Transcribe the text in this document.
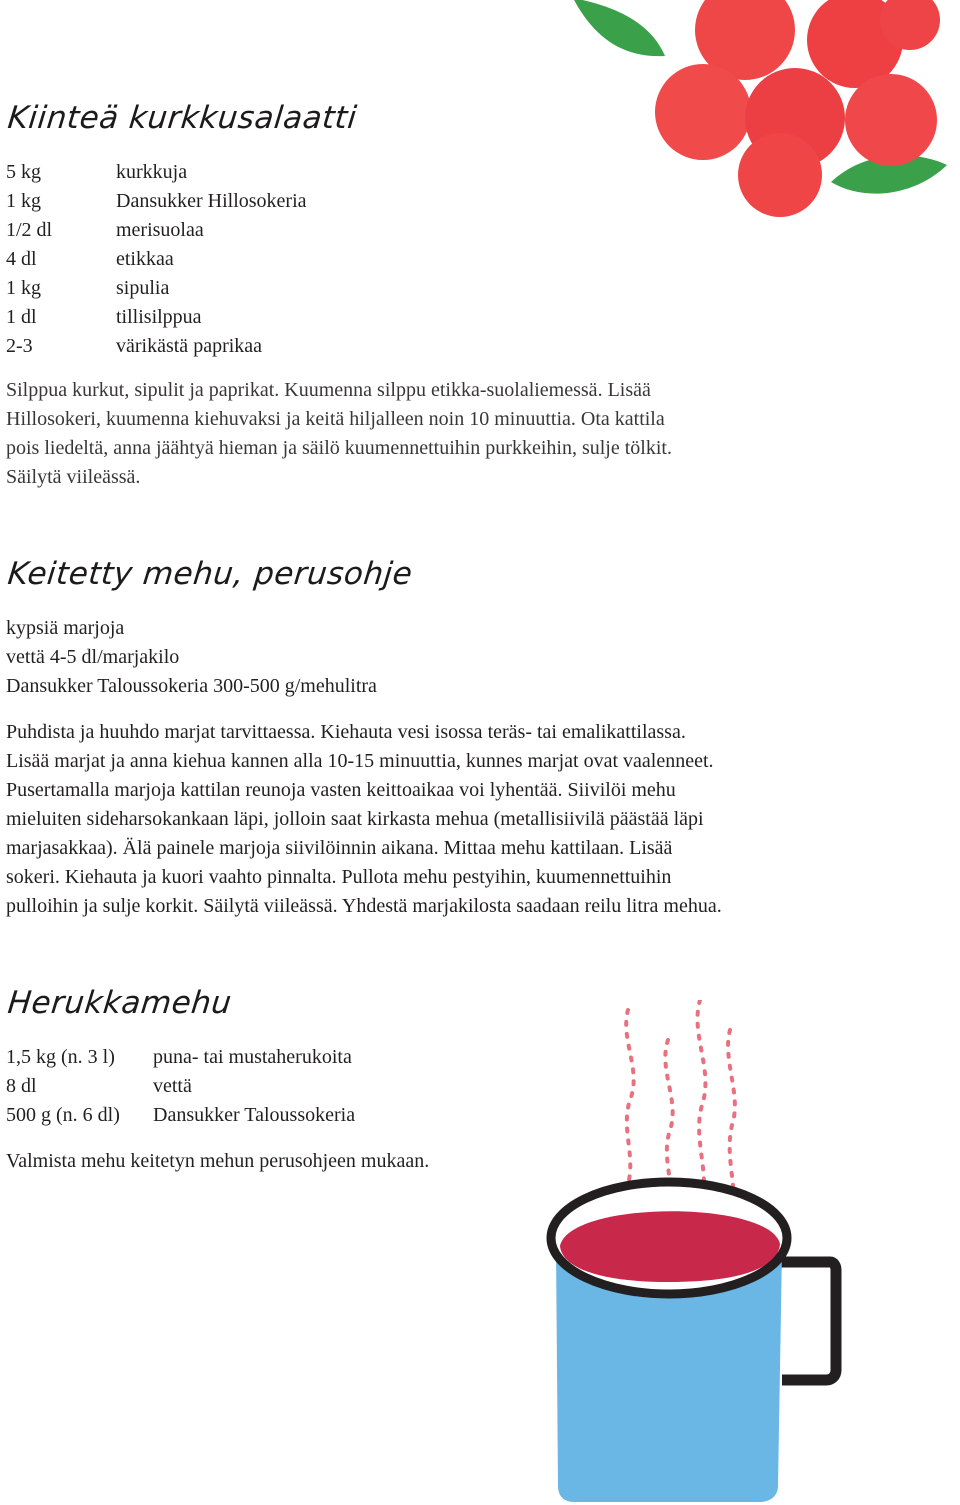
Kiinteä kurkkusalaatti
5 kg	kurkkuja
1 kg	Dansukker Hillosokeria
1/2 dl	merisuolaa
4 dl	etikkaa
1 kg	sipulia
1 dl	tillisilppua
2-3	värikästä paprikaa

Silppua kurkut, sipulit ja paprikat. Kuumenna silppu etikka-suolaliemessä. Lisää
Hillosokeri, kuumenna kiehuvaksi ja keitä hiljalleen noin 10 minuuttia. Ota kattila
pois liedeltä, anna jäähtyä hieman ja säilö kuumennettuihin purkkeihin, sulje tölkit.
Säilytä viileässä.

Keitetty mehu, perusohje

kypsiä marjoja
vettä 4-5 dl/marjakilo
Dansukker Taloussokeria 300-500 g/mehulitra

Puhdista ja huuhdo marjat tarvittaessa. Kiehauta vesi isossa teräs- tai emalikattilassa.
Lisää marjat ja anna kiehua kannen alla 10-15 minuuttia, kunnes marjat ovat vaalenneet.
Pusertamalla marjoja kattilan reunoja vasten keittoaikaa voi lyhentää. Siivilöi mehu
mieluiten sideharsokankaan läpi, jolloin saat kirkasta mehua (metallisiivilä päästää läpi
marjasakkaa). Älä painele marjoja siivilöinnin aikana. Mittaa mehu kattilaan. Lisää
sokeri. Kiehauta ja kuori vaahto pinnalta. Pullota mehu pestyihin, kuumennettuihin
pulloihin ja sulje korkit. Säilytä viileässä. Yhdestä marjakilosta saadaan reilu litra mehua.

Herukkamehu
1,5 kg (n. 3 l) puna- tai mustaherukoita
8 dl	vettä
500 g (n. 6 dl) Dansukker Taloussokeria

Valmista mehu keitetyn mehun perusohjeen mukaan.
